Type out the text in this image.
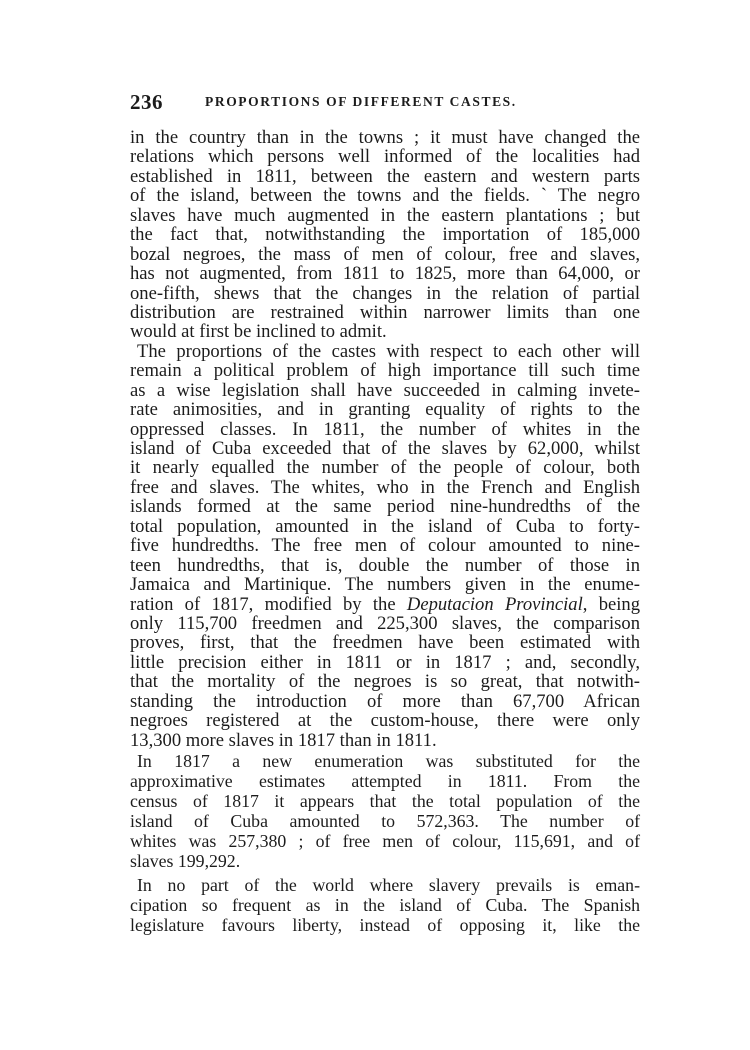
236	PROPORTIONS OF DIFFERENT CASTES.
in the country than in the towns ; it must have changed the
relations which persons well informed of the localities had
established in 1811, between the eastern and western parts
of the island, between the towns and the fields. ` The negro
slaves have much augmented in the eastern plantations ; but
the fact that, notwithstanding the importation of 185,000
bozal negroes, the mass of men of colour, free and slaves,
has not augmented, from 1811 to 1825, more than 64,000, or
one-fifth, shews that the changes in the relation of partial
distribution are restrained within narrower limits than one
would at first be inclined to admit.
The proportions of the castes with respect to each other will
remain a political problem of high importance till such time
as a wise legislation shall have succeeded in calming invete-
rate animosities, and in granting equality of rights to the
oppressed classes. In 1811, the number of whites in the
island of Cuba exceeded that of the slaves by 62,000, whilst
it nearly equalled the number of the people of colour, both
free and slaves. The whites, who in the French and English
islands formed at the same period nine-hundredths of the
total population, amounted in the island of Cuba to forty-
five hundredths. The free men of colour amounted to nine-
teen hundredths, that is, double the number of those in
Jamaica and Martinique. The numbers given in the enume-
ration of 1817, modified by the Deputacion Provincial, being
only 115,700 freedmen and 225,300 slaves, the comparison
proves, first, that the freedmen have been estimated with
little precision either in 1811 or in 1817 ; and, secondly,
that the mortality of the negroes is so great, that notwith-
standing the introduction of more than 67,700 African
negroes registered at the custom-house, there were only
13,300 more slaves in 1817 than in 1811.
In 1817 a new enumeration was substituted for the
approximative estimates attempted in 1811. From the
census of 1817 it appears that the total population of the
island of Cuba amounted to 572,363. The number of
whites was 257,380 ; of free men of colour, 115,691, and of
slaves 199,292.
In no part of the world where slavery prevails is eman-
cipation so frequent as in the island of Cuba. The Spanish
legislature favours liberty, instead of opposing it, like the
